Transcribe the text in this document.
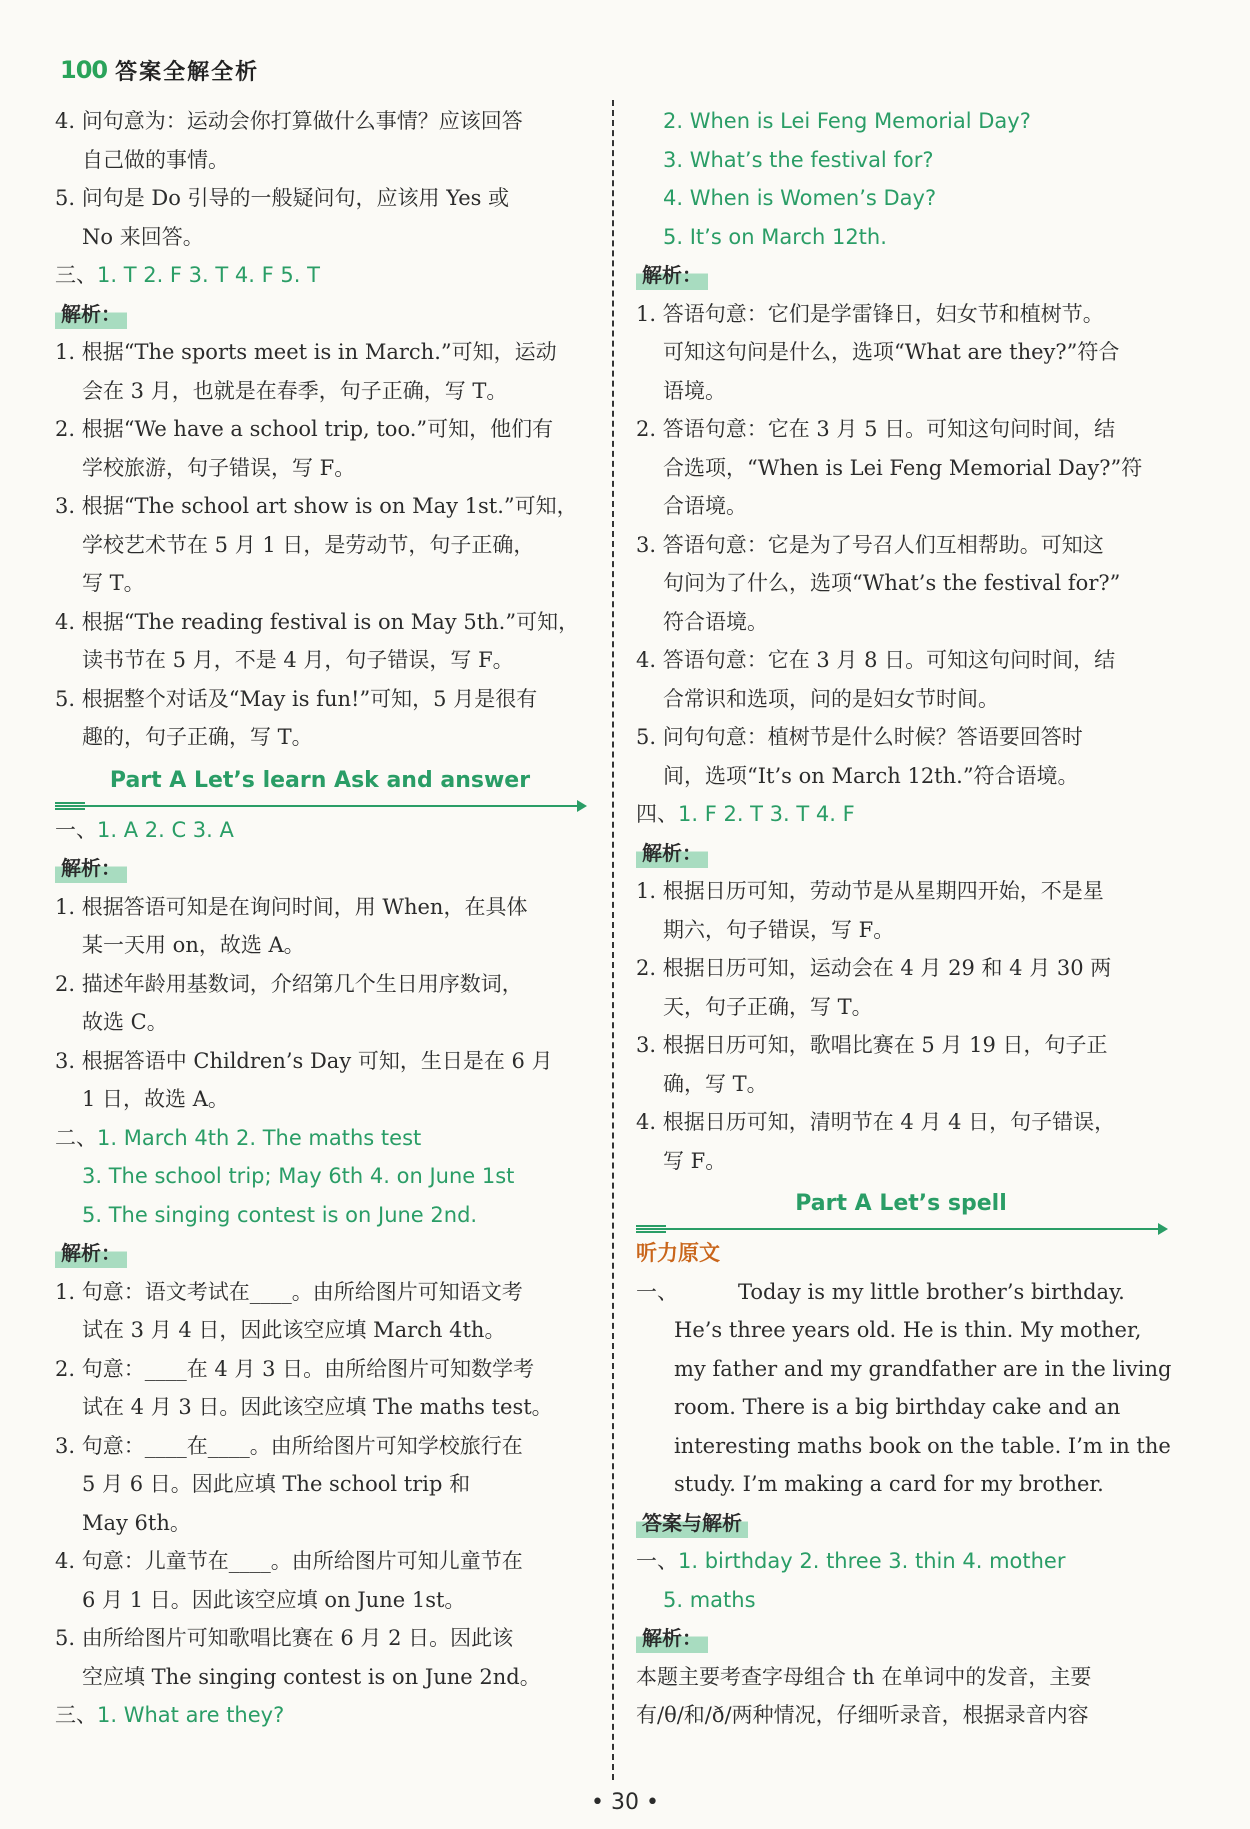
100 答案全解全析
4. 问句意为：运动会你打算做什么事情？应该回答
自己做的事情。
5. 问句是 Do 引导的一般疑问句，应该用 Yes 或
No 来回答。
三、1. T 2. F 3. T 4. F 5. T
解析：
1. 根据“The sports meet is in March.”可知，运动
会在 3 月，也就是在春季，句子正确，写 T。
2. 根据“We have a school trip, too.”可知，他们有
学校旅游，句子错误，写 F。
3. 根据“The school art show is on May 1st.”可知，
学校艺术节在 5 月 1 日，是劳动节，句子正确，
写 T。
4. 根据“The reading festival is on May 5th.”可知，
读书节在 5 月，不是 4 月，句子错误，写 F。
5. 根据整个对话及“May is fun!”可知，5 月是很有
趣的，句子正确，写 T。
Part A Let’s learn Ask and answer
一、1. A 2. C 3. A
解析：
1. 根据答语可知是在询问时间，用 When，在具体
某一天用 on，故选 A。
2. 描述年龄用基数词，介绍第几个生日用序数词，
故选 C。
3. 根据答语中 Children’s Day 可知，生日是在 6 月
1 日，故选 A。
二、1. March 4th 2. The maths test
3. The school trip; May 6th 4. on June 1st
5. The singing contest is on June 2nd.
解析：
1. 句意：语文考试在____。由所给图片可知语文考
试在 3 月 4 日，因此该空应填 March 4th。
2. 句意：____在 4 月 3 日。由所给图片可知数学考
试在 4 月 3 日。因此该空应填 The maths test。
3. 句意：____在____。由所给图片可知学校旅行在
5 月 6 日。因此应填 The school trip 和
May 6th。
4. 句意：儿童节在____。由所给图片可知儿童节在
6 月 1 日。因此该空应填 on June 1st。
5. 由所给图片可知歌唱比赛在 6 月 2 日。因此该
空应填 The singing contest is on June 2nd。
三、1. What are they?
2. When is Lei Feng Memorial Day?
3. What’s the festival for?
4. When is Women’s Day?
5. It’s on March 12th.
解析：
1. 答语句意：它们是学雷锋日，妇女节和植树节。
可知这句问是什么，选项“What are they?”符合
语境。
2. 答语句意：它在 3 月 5 日。可知这句问时间，结
合选项，“When is Lei Feng Memorial Day?”符
合语境。
3. 答语句意：它是为了号召人们互相帮助。可知这
句问为了什么，选项“What’s the festival for?”
符合语境。
4. 答语句意：它在 3 月 8 日。可知这句问时间，结
合常识和选项，问的是妇女节时间。
5. 问句句意：植树节是什么时候？答语要回答时
间，选项“It’s on March 12th.”符合语境。
四、1. F 2. T 3. T 4. F
解析：
1. 根据日历可知，劳动节是从星期四开始，不是星
期六，句子错误，写 F。
2. 根据日历可知，运动会在 4 月 29 和 4 月 30 两
天，句子正确，写 T。
3. 根据日历可知，歌唱比赛在 5 月 19 日，句子正
确，写 T。
4. 根据日历可知，清明节在 4 月 4 日，句子错误，
写 F。
Part A Let’s spell
听力原文
一、	Today is my little brother’s birthday.
He’s three years old. He is thin. My mother,
my father and my grandfather are in the living
room. There is a big birthday cake and an
interesting maths book on the table. I’m in the
study. I’m making a card for my brother.
答案与解析
一、1. birthday 2. three 3. thin 4. mother
5. maths
解析：
本题主要考查字母组合 th 在单词中的发音，主要
有/θ/和/ð/两种情况，仔细听录音，根据录音内容
• 30 •
